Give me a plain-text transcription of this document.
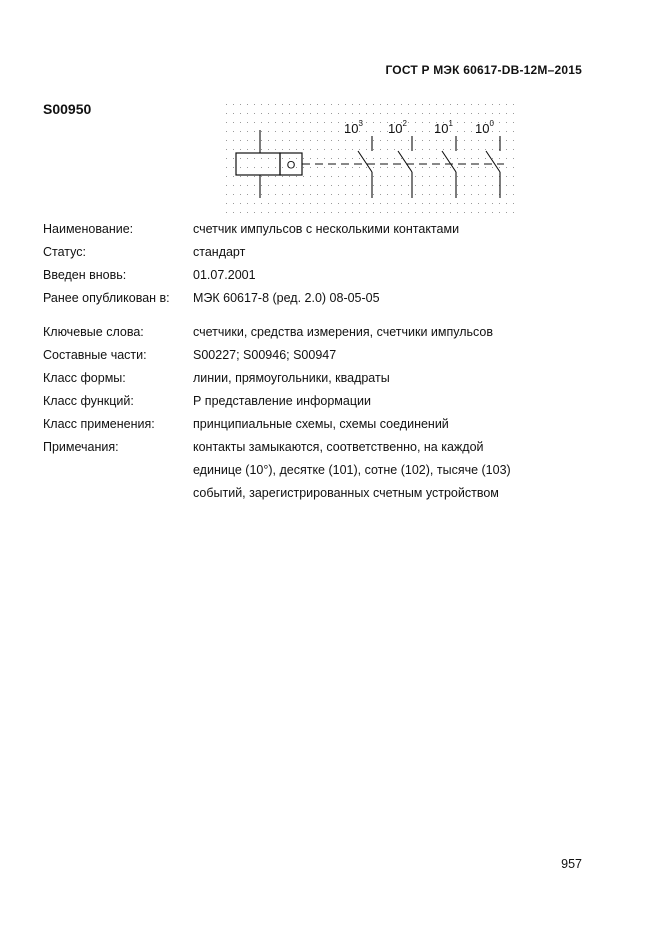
ГОСТ Р МЭК 60617-DB-12M–2015
S00950
O
$10^3$ $10^2$ $10^1$ $10^0$
Наименование:	счетчик импульсов с несколькими контактами
Статус:	стандарт
Введен вновь:	01.07.2001
Ранее опубликован в:	МЭК 60617-8 (ред. 2.0) 08-05-05
Ключевые слова:	счетчики, средства измерения, счетчики импульсов
Составные части:	S00227; S00946; S00947
Класс формы:	линии, прямоугольники, квадраты
Класс функций:	Р представление информации
Класс применения:	принципиальные схемы, схемы соединений
Примечания:	контакты замыкаются, соответственно, на каждой
единице (10°), десятке (101), сотне (102), тысяче (103)
событий, зарегистрированных счетным устройством
957
